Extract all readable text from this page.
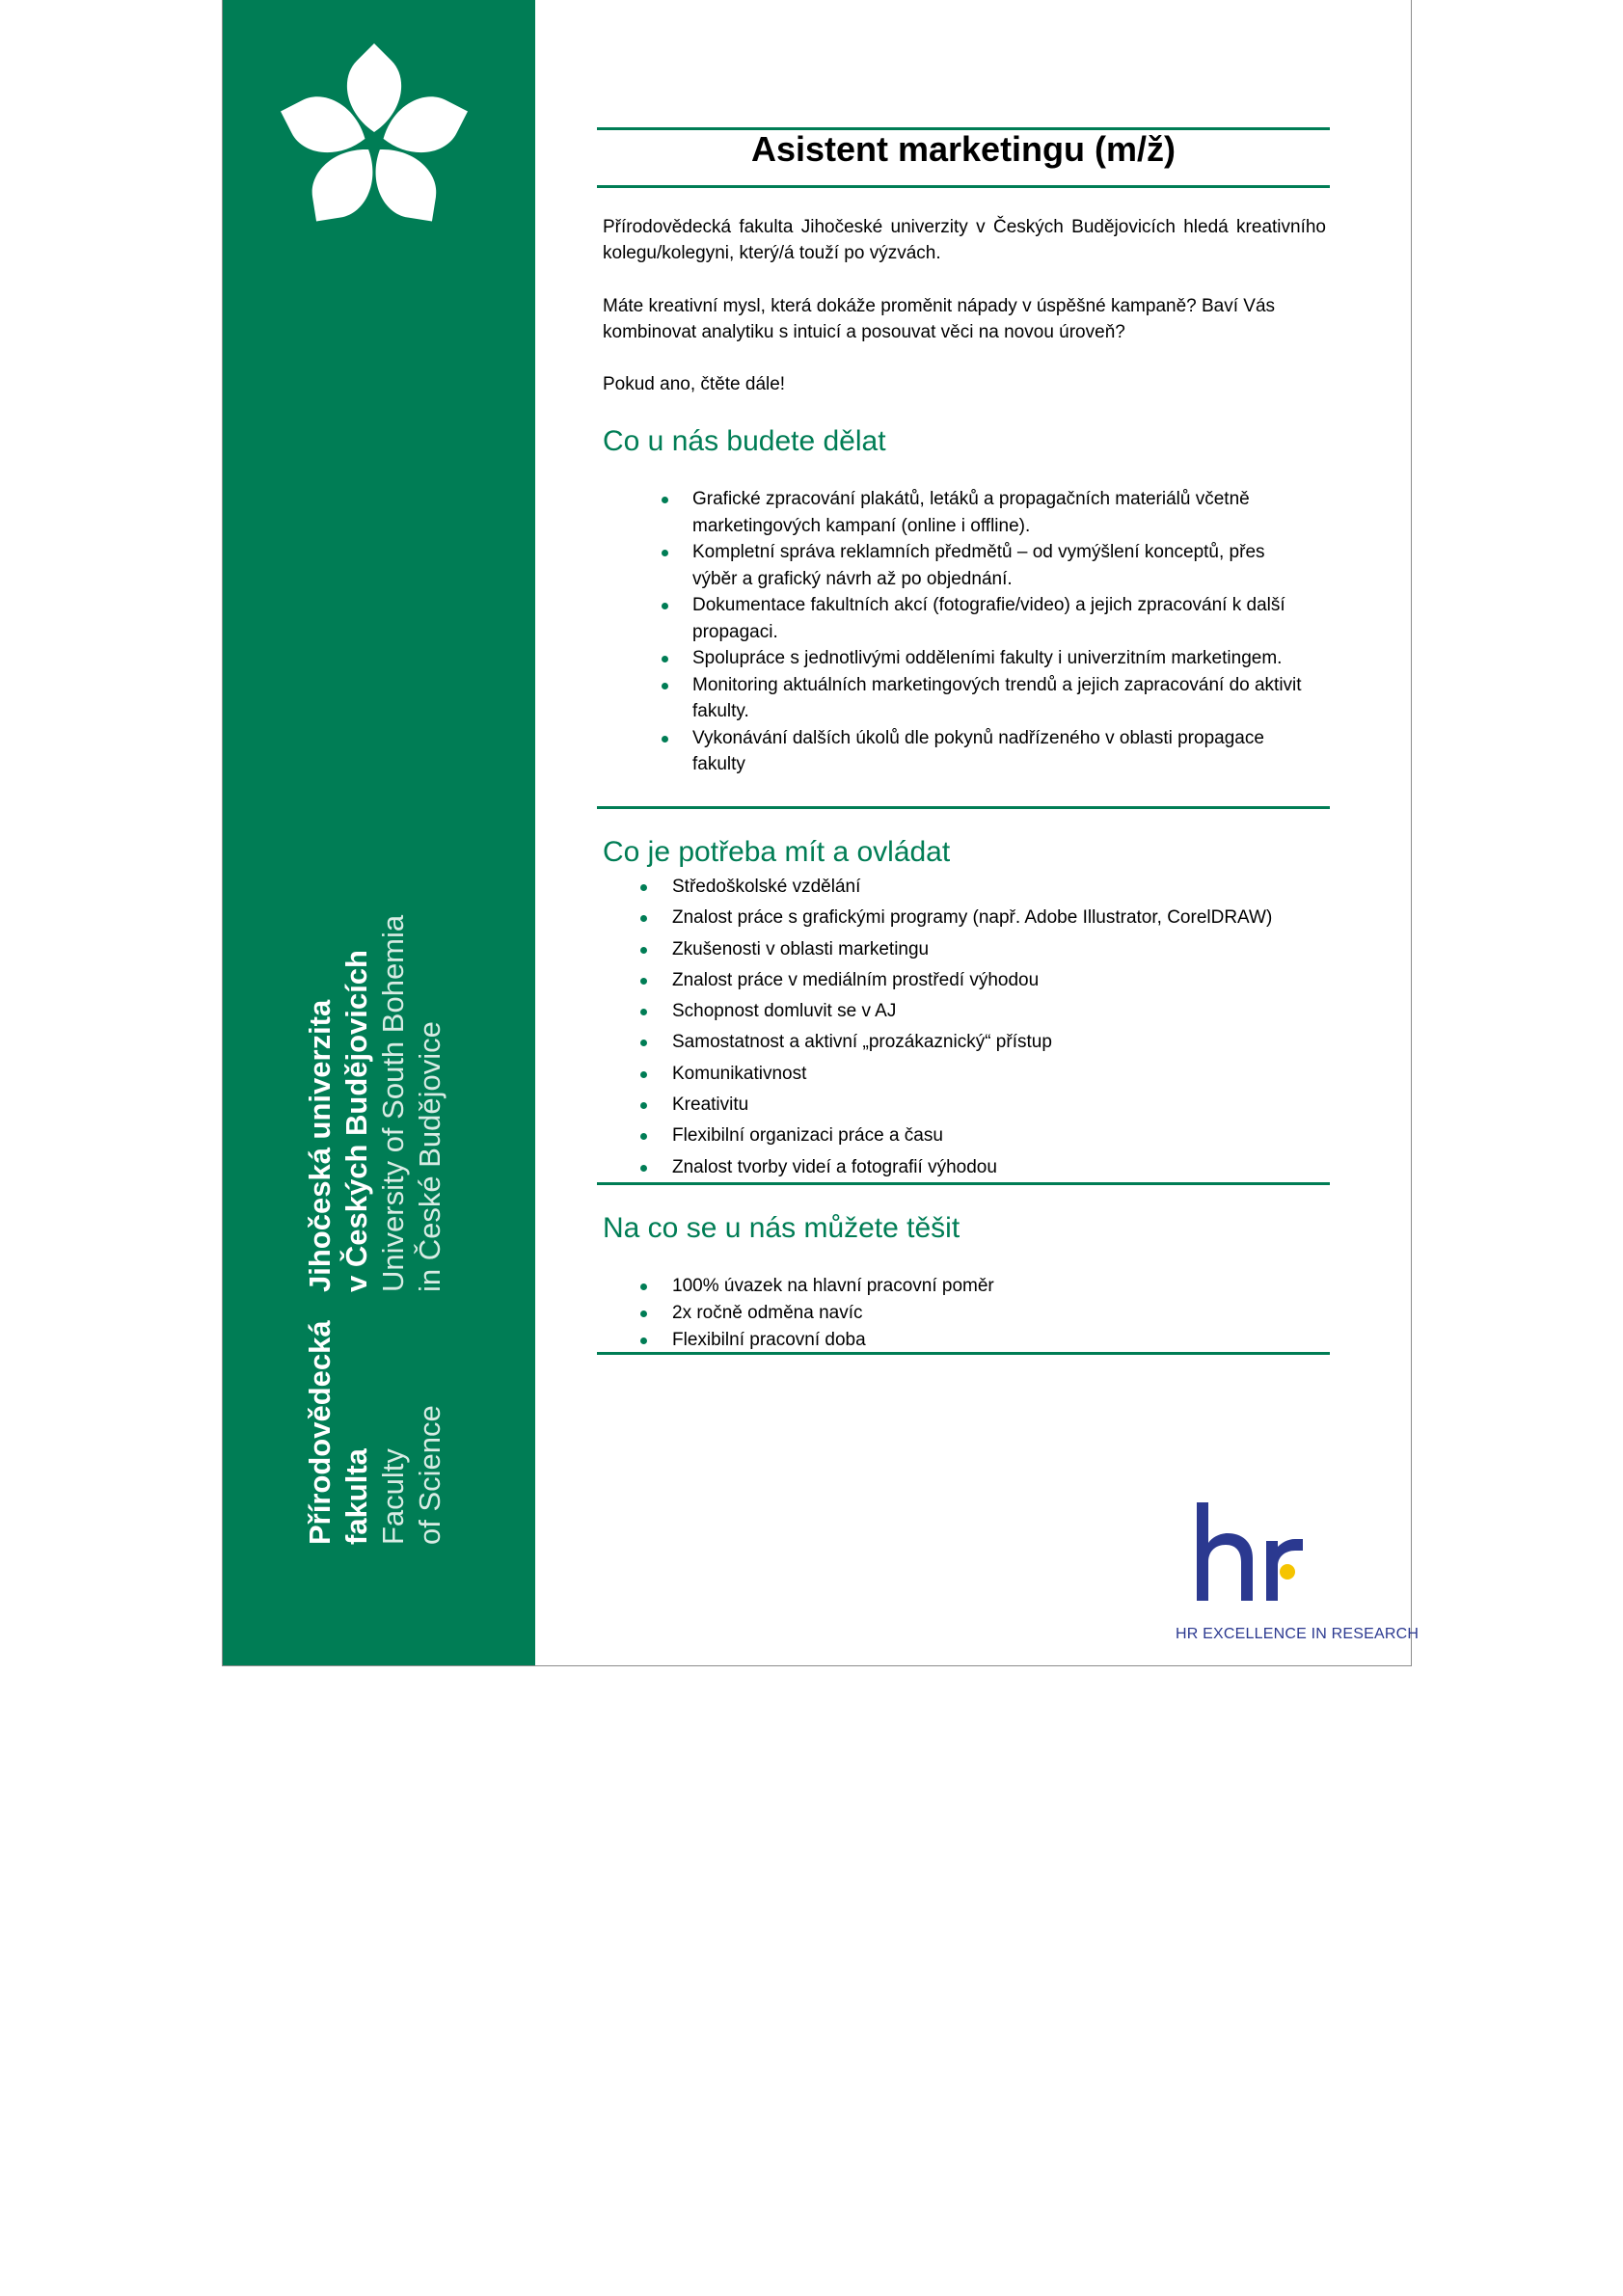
Přírodovědecká fakulta Faculty of Science
Jihočeská univerzita v Českých Budějovicích University of South Bohemia in České Budějovice
Asistent marketingu (m/ž)

Přírodovědecká fakulta Jihočeské univerzity v Českých Budějovicích hledá kreativního kolegu/kolegyni, který/á touží po výzvách.

Máte kreativní mysl, která dokáže proměnit nápady v úspěšné kampaně? Baví Vás kombinovat analytiku s intuicí a posouvat věci na novou úroveň?

Pokud ano, čtěte dále!

Co u nás budete dělat
Grafické zpracování plakátů, letáků a propagačních materiálů včetně marketingových kampaní (online i offline).
Kompletní správa reklamních předmětů – od vymýšlení konceptů, přes výběr a grafický návrh až po objednání.
Dokumentace fakultních akcí (fotografie/video) a jejich zpracování k další propagaci.
Spolupráce s jednotlivými odděleními fakulty i univerzitním marketingem.
Monitoring aktuálních marketingových trendů a jejich zapracování do aktivit fakulty.
Vykonávání dalších úkolů dle pokynů nadřízeného v oblasti propagace fakulty
Co je potřeba mít a ovládat
Středoškolské vzdělání
Znalost práce s grafickými programy (např. Adobe Illustrator, CorelDRAW)
Zkušenosti v oblasti marketingu
Znalost práce v mediálním prostředí výhodou
Schopnost domluvit se v AJ
Samostatnost a aktivní „prozákaznický“ přístup
Komunikativnost
Kreativitu
Flexibilní organizaci práce a času
Znalost tvorby videí a fotografií výhodou
Na co se u nás můžete těšit
100% úvazek na hlavní pracovní poměr
2x ročně odměna navíc
Flexibilní pracovní doba
HR EXCELLENCE IN RESEARCH
